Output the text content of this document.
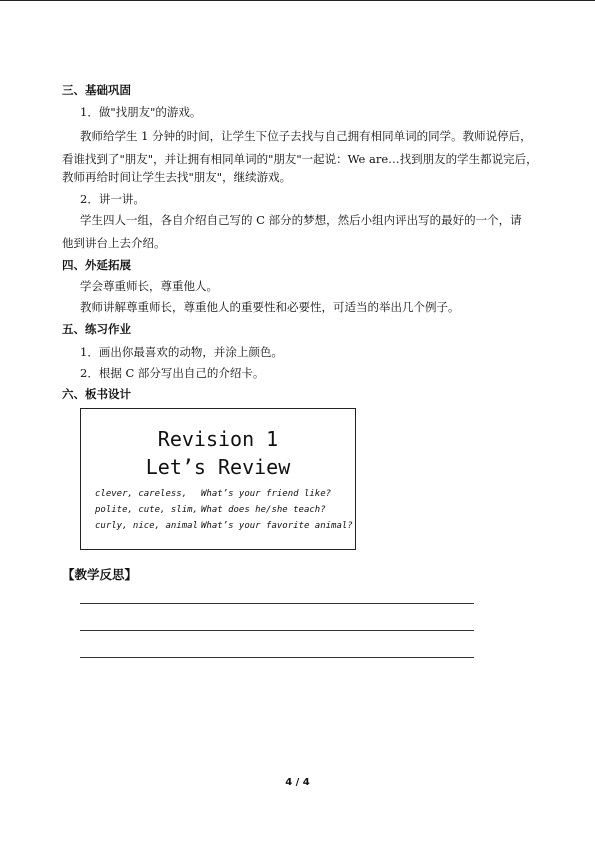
三、基础巩固
1．做"找朋友"的游戏。
教师给学生 1 分钟的时间，让学生下位子去找与自己拥有相同单词的同学。教师说停后，
看谁找到了"朋友"，并让拥有相同单词的"朋友"一起说：We are…找到朋友的学生都说完后，
教师再给时间让学生去找"朋友"，继续游戏。
2．讲一讲。
学生四人一组，各自介绍自己写的 C 部分的梦想，然后小组内评出写的最好的一个，请
他到讲台上去介绍。
四、外延拓展
学会尊重师长，尊重他人。
教师讲解尊重师长，尊重他人的重要性和必要性，可适当的举出几个例子。
五、练习作业
1．画出你最喜欢的动物，并涂上颜色。
2．根据 C 部分写出自己的介绍卡。
六、板书设计
Revision 1
Let’s Review
clever, careless,
polite, cute, slim,
curly, nice, animal
What’s your friend like?
What does he/she teach?
What’s your favorite animal?
【教学反思】
4 / 4
